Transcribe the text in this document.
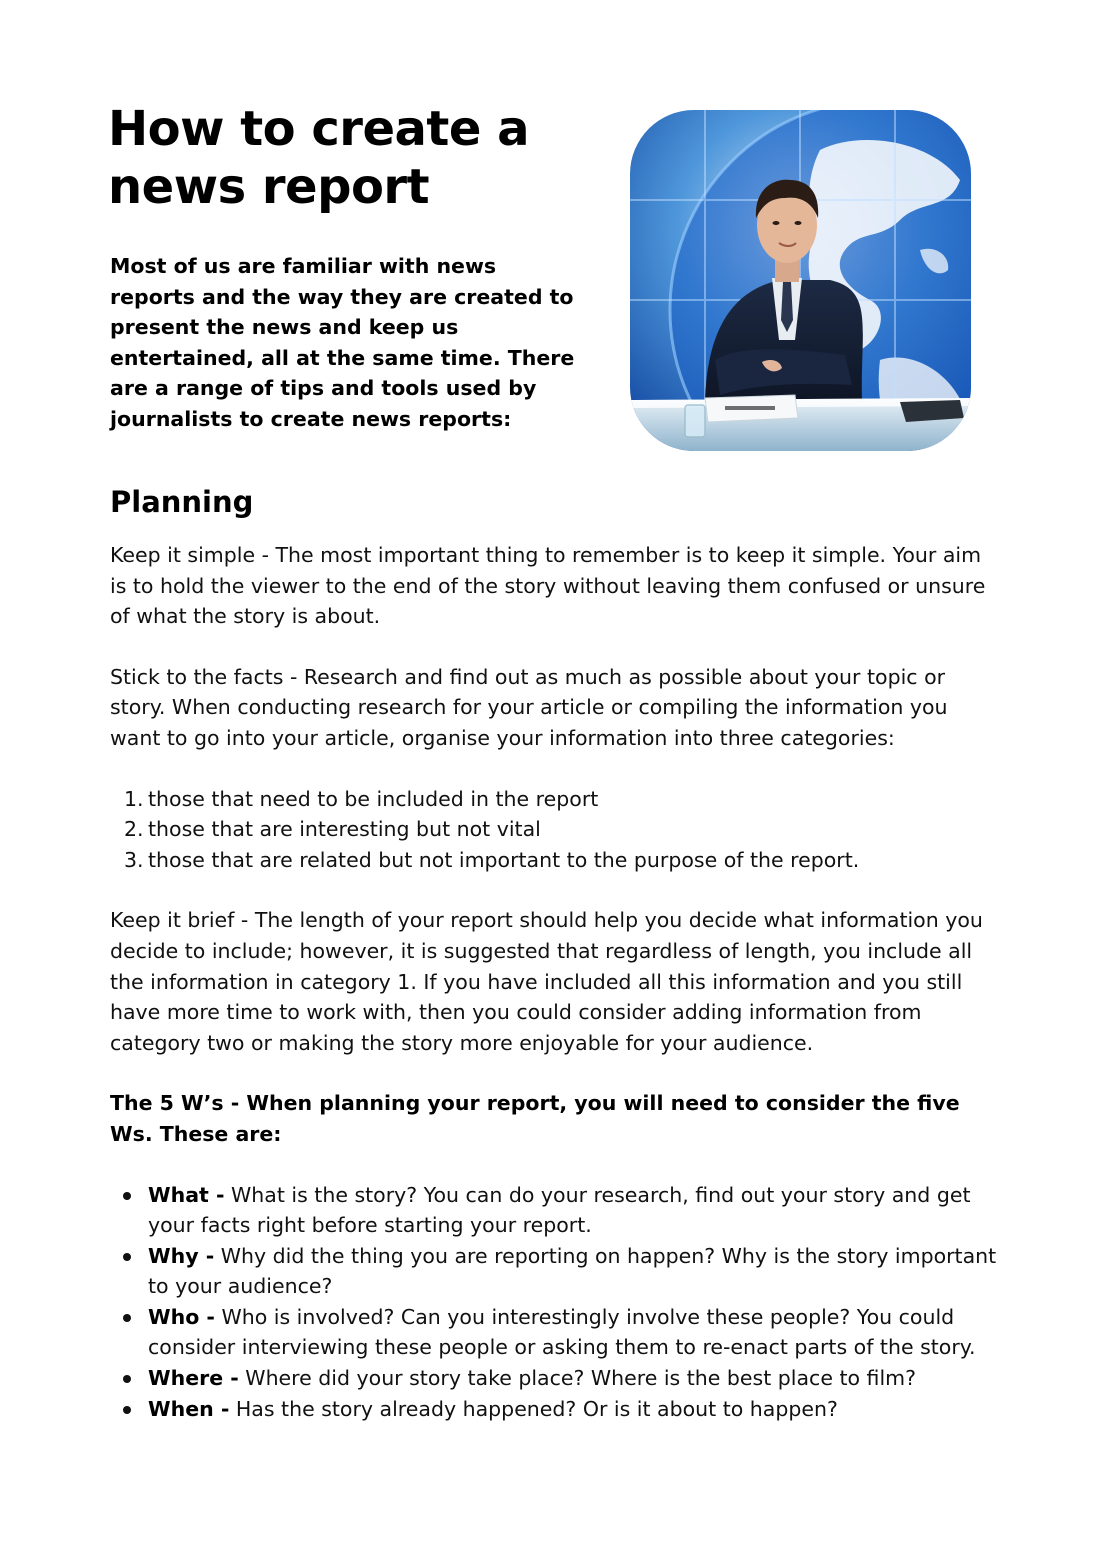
How to create a
news report

Most of us are familiar with news reports and the way they are created to present the news and keep us entertained, all at the same time. There are a range of tips and tools used by journalists to create news reports:

Planning

Keep it simple - The most important thing to remember is to keep it simple. Your aim is to hold the viewer to the end of the story without leaving them confused or unsure of what the story is about.

Stick to the facts - Research and find out as much as possible about your topic or story. When conducting research for your article or compiling the information you want to go into your article, organise your information into three categories:

1. those that need to be included in the report
2. those that are interesting but not vital
3. those that are related but not important to the purpose of the report.

Keep it brief - The length of your report should help you decide what information you decide to include; however, it is suggested that regardless of length, you include all the information in category 1. If you have included all this information and you still have more time to work with, then you could consider adding information from category two or making the story more enjoyable for your audience.

The 5 W’s - When planning your report, you will need to consider the five Ws. These are:

What - What is the story? You can do your research, find out your story and get your facts right before starting your report.
Why - Why did the thing you are reporting on happen? Why is the story important to your audience?
Who - Who is involved? Can you interestingly involve these people? You could consider interviewing these people or asking them to re-enact parts of the story.
Where - Where did your story take place? Where is the best place to film?
When - Has the story already happened? Or is it about to happen?
